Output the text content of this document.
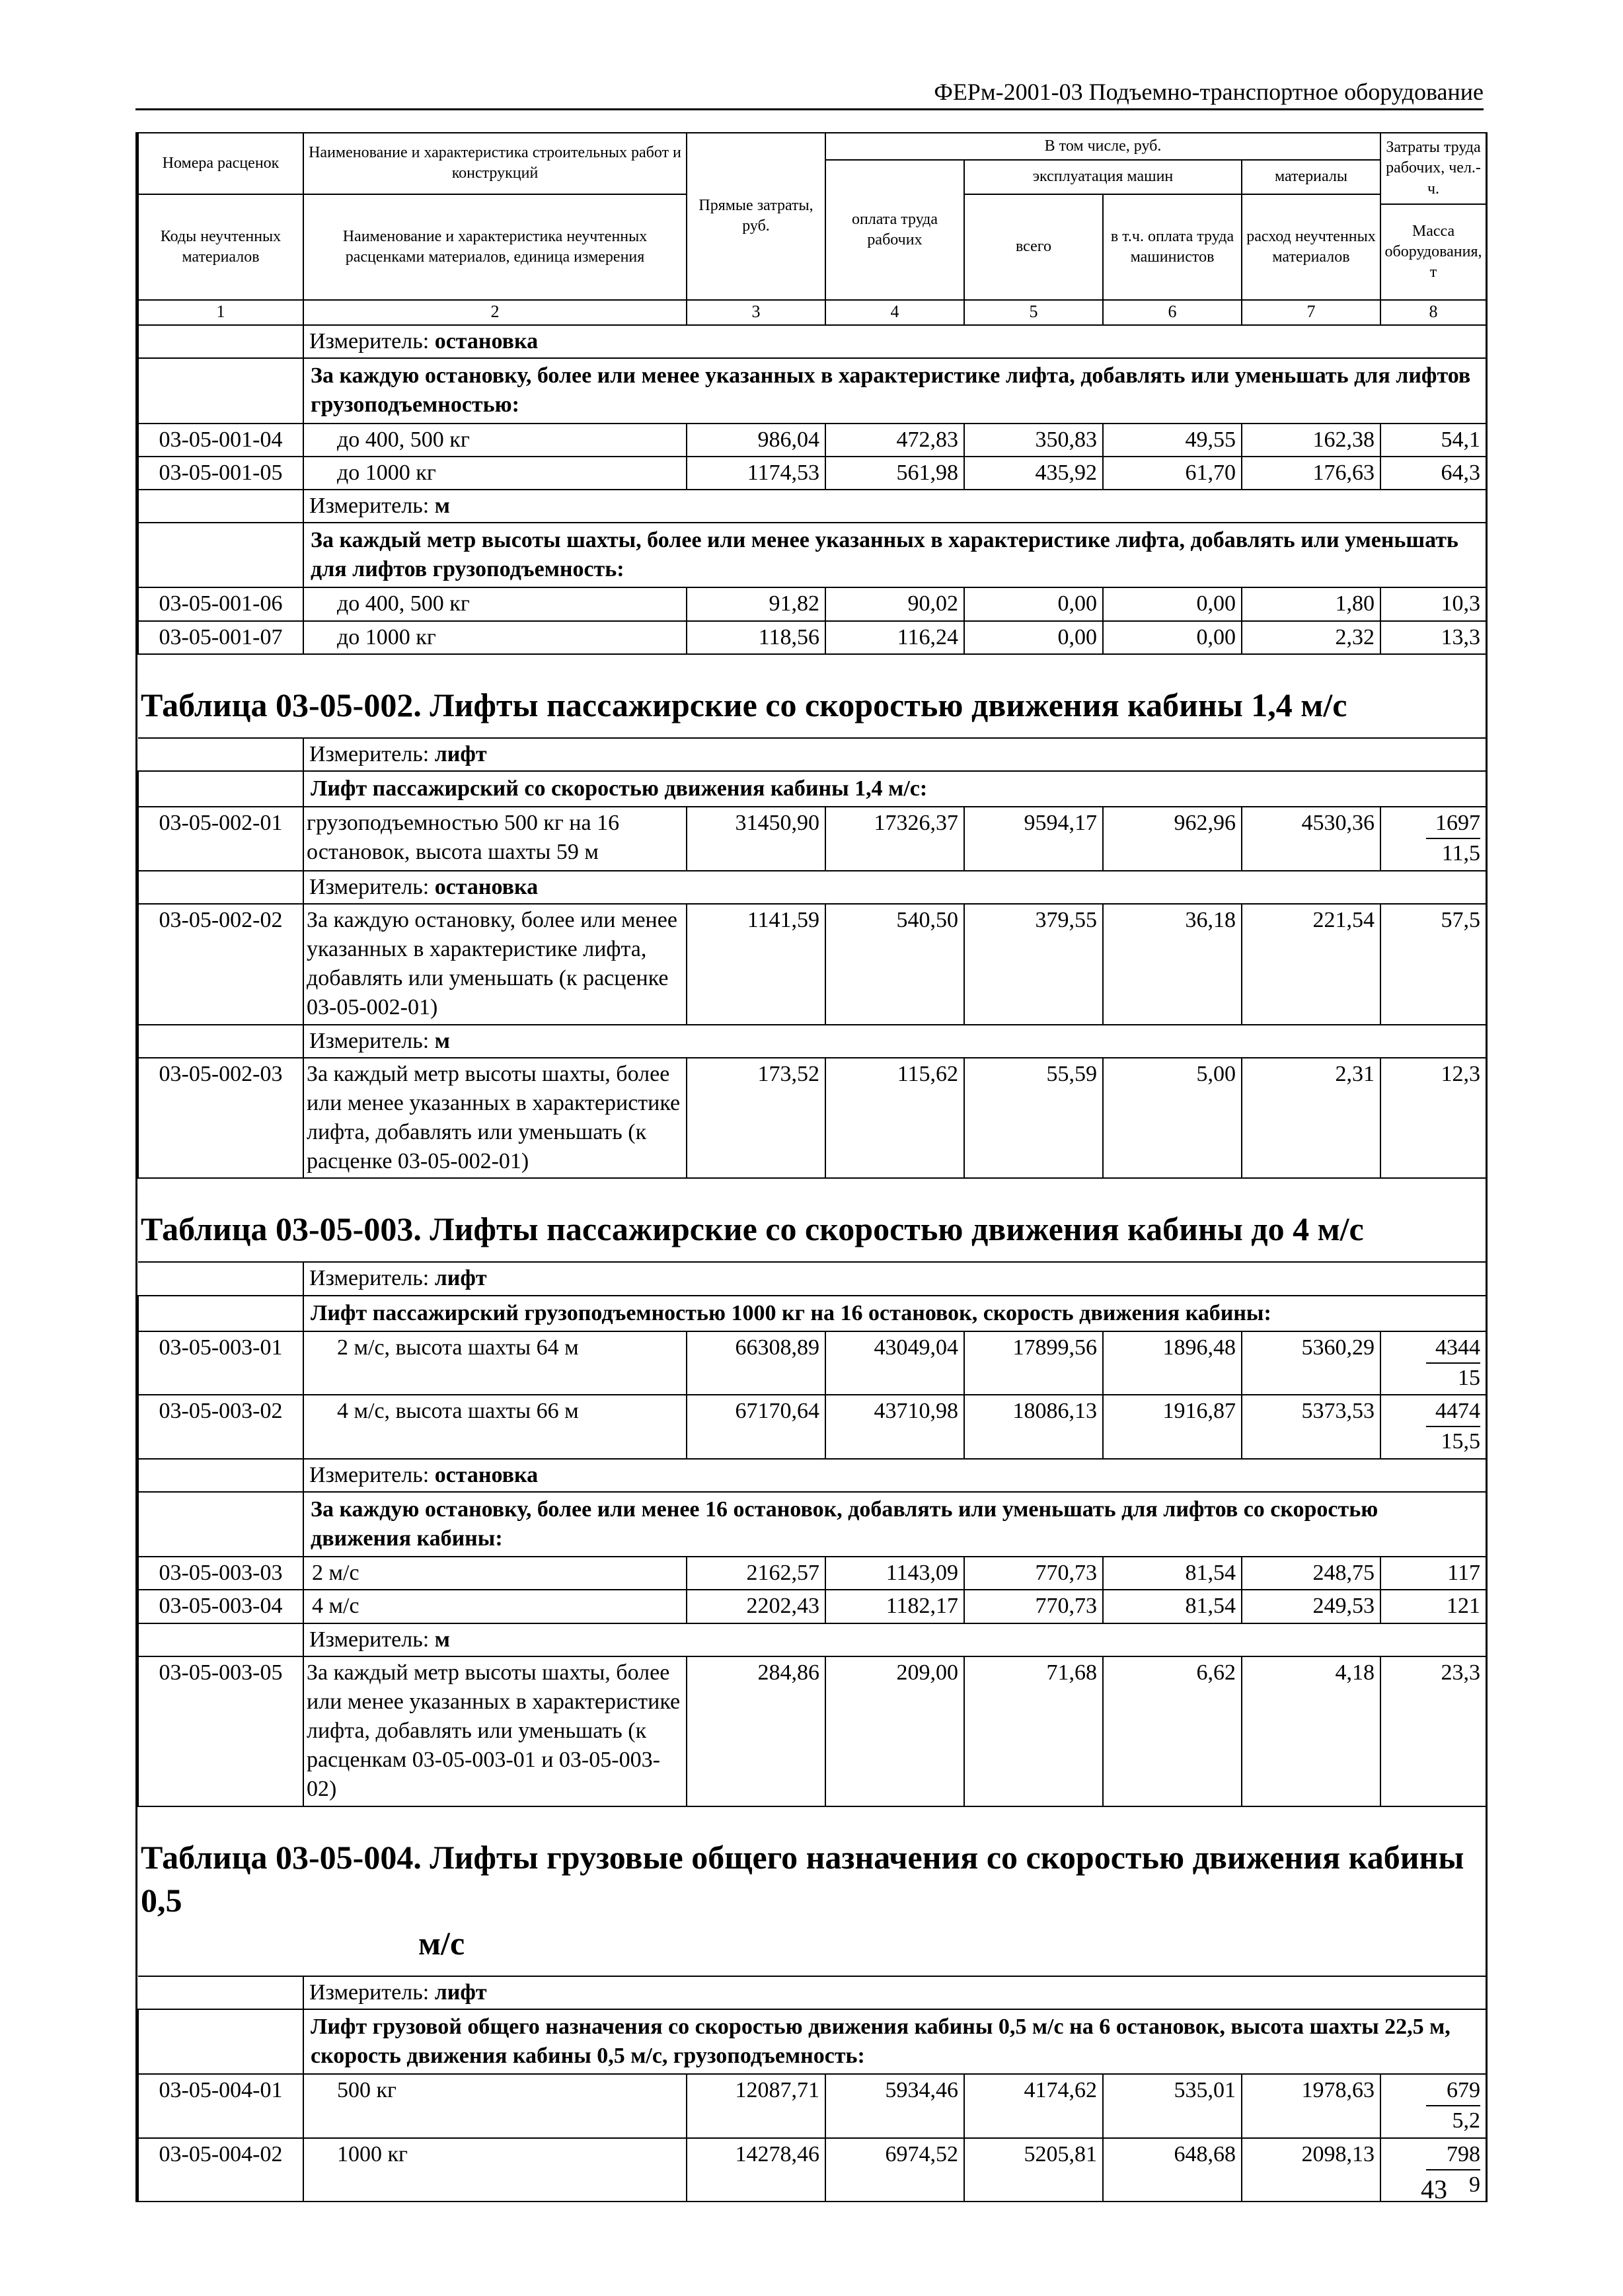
ФЕРм-2001-03 Подъемно-транспортное оборудование
Номера расценок	Наименование и характеристика строительных работ и конструкций	Прямые затраты, руб.	В том числе, руб.				Затраты труда рабочих, чел.-ч.
			оплата труда рабочих	эксплуатация машин		материалы	
Коды неучтенных материалов	Наименование и характеристика неучтенных расценками материалов, единица измерения			всего	в т.ч. оплата труда машинистов	расход неучтенных материалов	
							Масса оборудования, т
1	2	3	4	5	6	7	8
	Измеритель: остановка						
	За каждую остановку, более или менее указанных в характеристике лифта, добавлять или уменьшать для лифтов грузоподъемностью:						
03-05-001-04	до 400, 500 кг	986,04	472,83	350,83	49,55	162,38	54,1
03-05-001-05	до 1000 кг	1174,53	561,98	435,92	61,70	176,63	64,3
	Измеритель: м						
	За каждый метр высоты шахты, более или менее указанных в характеристике лифта, добавлять или уменьшать для лифтов грузоподъемность:						
03-05-001-06	до 400, 500 кг	91,82	90,02	0,00	0,00	1,80	10,3
03-05-001-07	до 1000 кг	118,56	116,24	0,00	0,00	2,32	13,3
Таблица 03-05-002. Лифты пассажирские со скоростью движения кабины 1,4 м/с							
	Измеритель: лифт						
	Лифт пассажирский со скоростью движения кабины 1,4 м/с:						
03-05-002-01	грузоподъемностью 500 кг на 16 остановок, высота шахты 59 м	31450,90	17326,37	9594,17	962,96	4530,36	1697
11,5

	Измеритель: остановка						
03-05-002-02	За каждую остановку, более или менее указанных в характеристике лифта, добавлять или уменьшать (к расценке 03-05-002-01)	1141,59	540,50	379,55	36,18	221,54	57,5
	Измеритель: м						
03-05-002-03	За каждый метр высоты шахты, более или менее указанных в характеристике лифта, добавлять или уменьшать (к расценке 03-05-002-01)	173,52	115,62	55,59	5,00	2,31	12,3
Таблица 03-05-003. Лифты пассажирские со скоростью движения кабины до 4 м/с							
	Измеритель: лифт						
	Лифт пассажирский грузоподъемностью 1000 кг на 16 остановок, скорость движения кабины:						
03-05-003-01	2 м/с, высота шахты 64 м	66308,89	43049,04	17899,56	1896,48	5360,29	4344
15

03-05-003-02	4 м/с, высота шахты 66 м	67170,64	43710,98	18086,13	1916,87	5373,53	4474
15,5

	Измеритель: остановка						
	За каждую остановку, более или менее 16 остановок, добавлять или уменьшать для лифтов со скоростью движения кабины:						
03-05-003-03	2 м/с	2162,57	1143,09	770,73	81,54	248,75	117
03-05-003-04	4 м/с	2202,43	1182,17	770,73	81,54	249,53	121
	Измеритель: м						
03-05-003-05	За каждый метр высоты шахты, более или менее указанных в характеристике лифта, добавлять или уменьшать (к расценкам 03-05-003-01 и 03-05-003-02)	284,86	209,00	71,68	6,62	4,18	23,3
Таблица 03-05-004. Лифты грузовые общего назначения со скоростью движения кабины 0,5
м/с							

	Измеритель: лифт						
	Лифт грузовой общего назначения со скоростью движения кабины 0,5 м/с на 6 остановок, высота шахты 22,5 м, скорость движения кабины 0,5 м/с, грузоподъемность:						
03-05-004-01	500 кг	12087,71	5934,46	4174,62	535,01	1978,63	679
5,2

03-05-004-02	1000 кг	14278,46	6974,52	5205,81	648,68	2098,13	798
9
43
